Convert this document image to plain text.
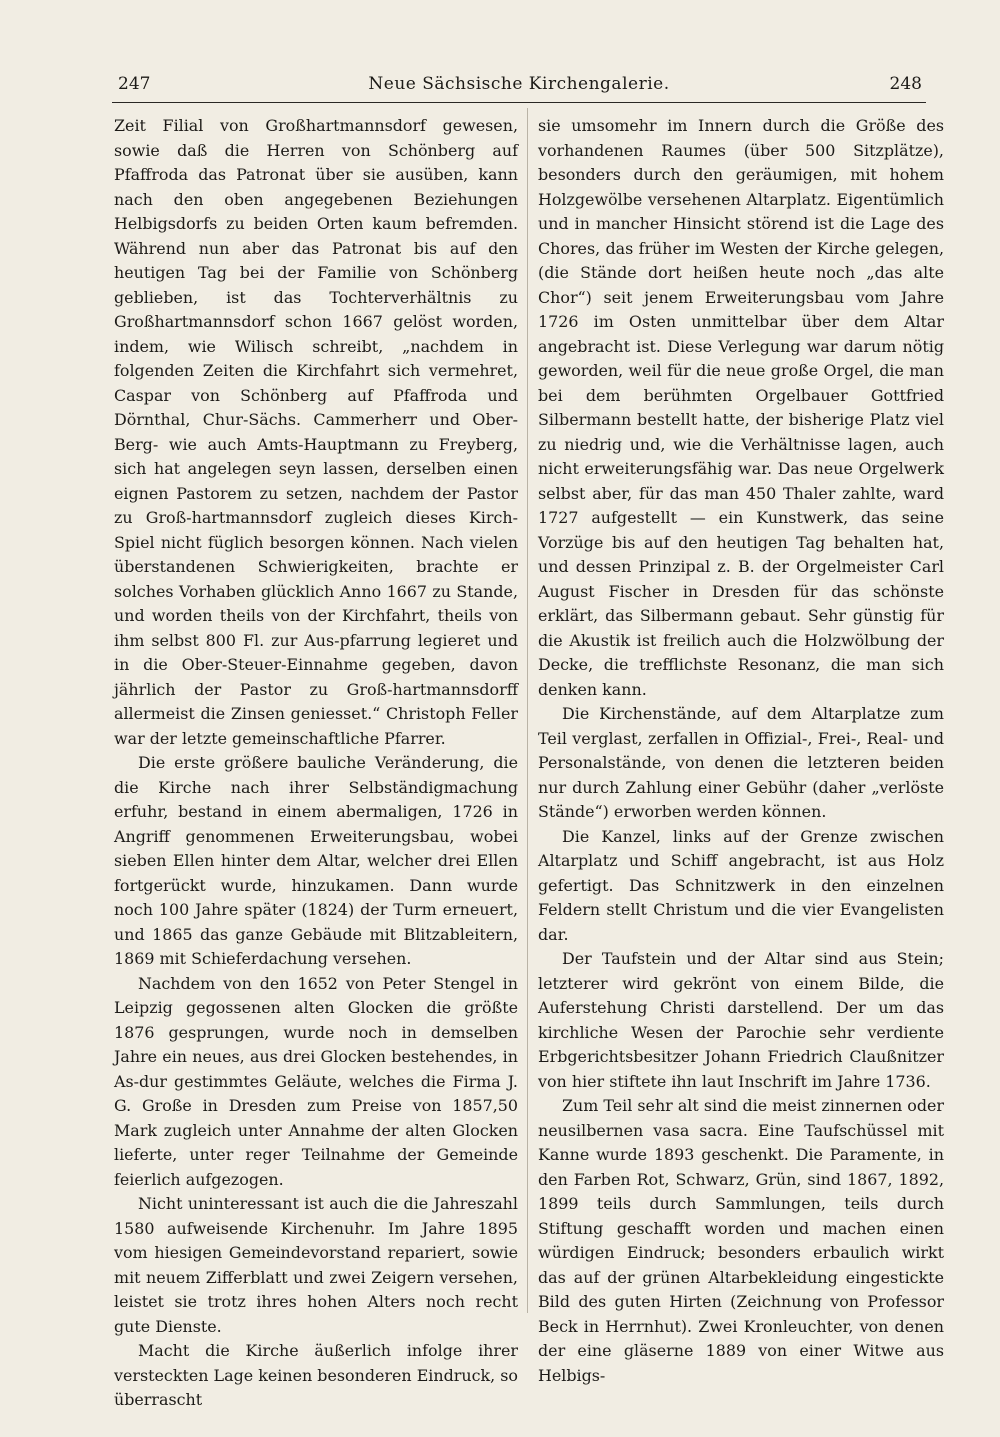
247	Neue Sächsische Kirchengalerie.	248

Zeit Filial von Großhartmannsdorf gewesen, sowie daß die Herren von Schönberg auf Pfaffroda das Patronat über sie ausüben, kann nach den oben angegebenen Beziehungen Helbigsdorfs zu beiden Orten kaum befremden. Während nun aber das Patronat bis auf den heutigen Tag bei der Familie von Schönberg geblieben, ist das Tochterverhältnis zu Großhartmannsdorf schon 1667 gelöst worden, indem, wie Wilisch schreibt, „nachdem in folgenden Zeiten die Kirchfahrt sich vermehret, Caspar von Schönberg auf Pfaffroda und Dörnthal, Chur-Sächs. Cammerherr und Ober-Berg- wie auch Amts-Hauptmann zu Freyberg, sich hat angelegen seyn lassen, derselben einen eignen Pastorem zu setzen, nachdem der Pastor zu Groß-hartmannsdorf zugleich dieses Kirch-Spiel nicht füglich besorgen können. Nach vielen überstandenen Schwierigkeiten, brachte er solches Vorhaben glücklich Anno 1667 zu Stande, und worden theils von der Kirchfahrt, theils von ihm selbst 800 Fl. zur Aus-pfarrung legieret und in die Ober-Steuer-Einnahme gegeben, davon jährlich der Pastor zu Groß-hartmannsdorff allermeist die Zinsen geniesset.“ Christoph Feller war der letzte gemeinschaftliche Pfarrer.

Die erste größere bauliche Veränderung, die die Kirche nach ihrer Selbständigmachung erfuhr, bestand in einem abermaligen, 1726 in Angriff genommenen Erweiterungsbau, wobei sieben Ellen hinter dem Altar, welcher drei Ellen fortgerückt wurde, hinzukamen. Dann wurde noch 100 Jahre später (1824) der Turm erneuert, und 1865 das ganze Gebäude mit Blitzableitern, 1869 mit Schieferdachung versehen.

Nachdem von den 1652 von Peter Stengel in Leipzig gegossenen alten Glocken die größte 1876 gesprungen, wurde noch in demselben Jahre ein neues, aus drei Glocken bestehendes, in As-dur gestimmtes Geläute, welches die Firma J. G. Große in Dresden zum Preise von 1857,50 Mark zugleich unter Annahme der alten Glocken lieferte, unter reger Teilnahme der Gemeinde feierlich aufgezogen.

Nicht uninteressant ist auch die die Jahreszahl 1580 aufweisende Kirchenuhr. Im Jahre 1895 vom hiesigen Gemeindevorstand repariert, sowie mit neuem Zifferblatt und zwei Zeigern versehen, leistet sie trotz ihres hohen Alters noch recht gute Dienste.

Macht die Kirche äußerlich infolge ihrer versteckten Lage keinen besonderen Eindruck, so überrascht

sie umsomehr im Innern durch die Größe des vorhandenen Raumes (über 500 Sitzplätze), besonders durch den geräumigen, mit hohem Holzgewölbe versehenen Altarplatz. Eigentümlich und in mancher Hinsicht störend ist die Lage des Chores, das früher im Westen der Kirche gelegen, (die Stände dort heißen heute noch „das alte Chor“) seit jenem Erweiterungsbau vom Jahre 1726 im Osten unmittelbar über dem Altar angebracht ist. Diese Verlegung war darum nötig geworden, weil für die neue große Orgel, die man bei dem berühmten Orgelbauer Gottfried Silbermann bestellt hatte, der bisherige Platz viel zu niedrig und, wie die Verhältnisse lagen, auch nicht erweiterungsfähig war. Das neue Orgelwerk selbst aber, für das man 450 Thaler zahlte, ward 1727 aufgestellt — ein Kunstwerk, das seine Vorzüge bis auf den heutigen Tag behalten hat, und dessen Prinzipal z. B. der Orgelmeister Carl August Fischer in Dresden für das schönste erklärt, das Silbermann gebaut. Sehr günstig für die Akustik ist freilich auch die Holzwölbung der Decke, die trefflichste Resonanz, die man sich denken kann.

Die Kirchenstände, auf dem Altarplatze zum Teil verglast, zerfallen in Offizial-, Frei-, Real- und Personalstände, von denen die letzteren beiden nur durch Zahlung einer Gebühr (daher „verlöste Stände“) erworben werden können.

Die Kanzel, links auf der Grenze zwischen Altarplatz und Schiff angebracht, ist aus Holz gefertigt. Das Schnitzwerk in den einzelnen Feldern stellt Christum und die vier Evangelisten dar.

Der Taufstein und der Altar sind aus Stein; letzterer wird gekrönt von einem Bilde, die Auferstehung Christi darstellend. Der um das kirchliche Wesen der Parochie sehr verdiente Erbgerichtsbesitzer Johann Friedrich Claußnitzer von hier stiftete ihn laut Inschrift im Jahre 1736.

Zum Teil sehr alt sind die meist zinnernen oder neusilbernen vasa sacra. Eine Taufschüssel mit Kanne wurde 1893 geschenkt. Die Paramente, in den Farben Rot, Schwarz, Grün, sind 1867, 1892, 1899 teils durch Sammlungen, teils durch Stiftung geschafft worden und machen einen würdigen Eindruck; besonders erbaulich wirkt das auf der grünen Altarbekleidung eingestickte Bild des guten Hirten (Zeichnung von Professor Beck in Herrnhut). Zwei Kronleuchter, von denen der eine gläserne 1889 von einer Witwe aus Helbigs-
